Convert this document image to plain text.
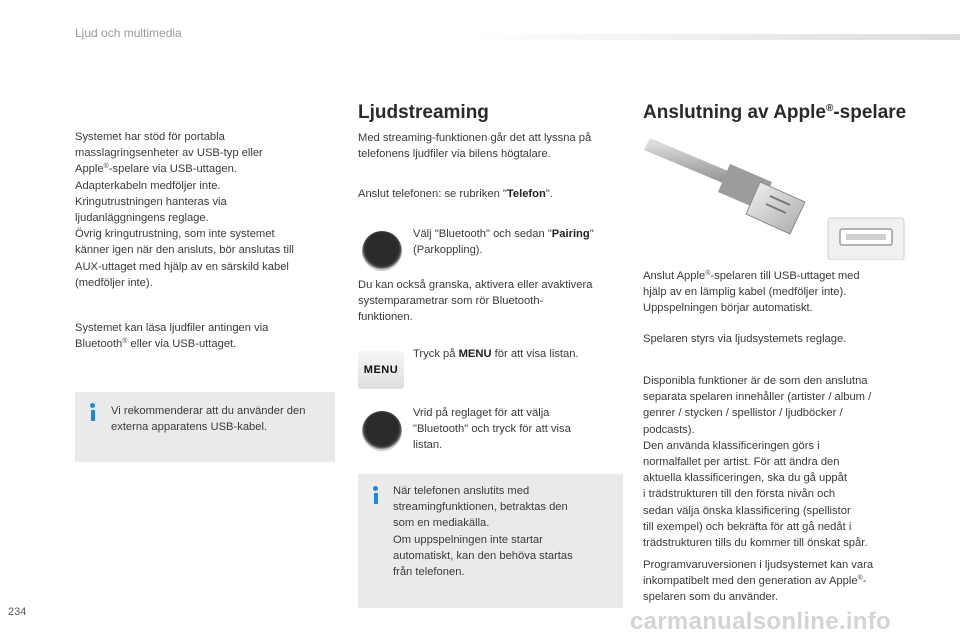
Ljud och multimedia

Systemet har stöd för portabla

masslagringsenheter av USB-typ eller

Apple®-spelare via USB-uttagen.

Adapterkabeln medföljer inte.

Kringutrustningen hanteras via

ljudanläggningens reglage.

Övrig kringutrustning, som inte systemet

känner igen när den ansluts, bör anslutas till

AUX-uttaget med hjälp av en särskild kabel

(medföljer inte).

Systemet kan läsa ljudfiler antingen via

Bluetooth® eller via USB-uttaget.

Vi rekommenderar att du använder den

externa apparatens USB-kabel.

Ljudstreaming

Med streaming-funktionen går det att lyssna på

telefonens ljudfiler via bilens högtalare.

Anslut telefonen: se rubriken "Telefon".

Välj "Bluetooth" och sedan "Pairing"

(Parkoppling).

Du kan också granska, aktivera eller avaktivera

systemparametrar som rör Bluetooth-

funktionen.

MENU

Tryck på MENU för att visa listan.

Vrid på reglaget för att välja

"Bluetooth" och tryck för att visa

listan.

När telefonen anslutits med

streamingfunktionen, betraktas den

som en mediakälla.

Om uppspelningen inte startar

automatiskt, kan den behöva startas

från telefonen.

Anslutning av Apple®-spelare

Anslut Apple®-spelaren till USB-uttaget med

hjälp av en lämplig kabel (medföljer inte).

Uppspelningen börjar automatiskt.

Spelaren styrs via ljudsystemets reglage.

Disponibla funktioner är de som den anslutna

separata spelaren innehåller (artister / album /

genrer / stycken / spellistor / ljudböcker /

podcasts).

Den använda klassificeringen görs i

normalfallet per artist. För att ändra den

aktuella klassificeringen, ska du gå uppåt

i trädstrukturen till den första nivån och

sedan välja önska klassificering (spellistor

till exempel) och bekräfta för att gå nedåt i

trädstrukturen tills du kommer till önskat spår.

Programvaruversionen i ljudsystemet kan vara

inkompatibelt med den generation av Apple®-

spelaren som du använder.

234	carmanualsonline.info
